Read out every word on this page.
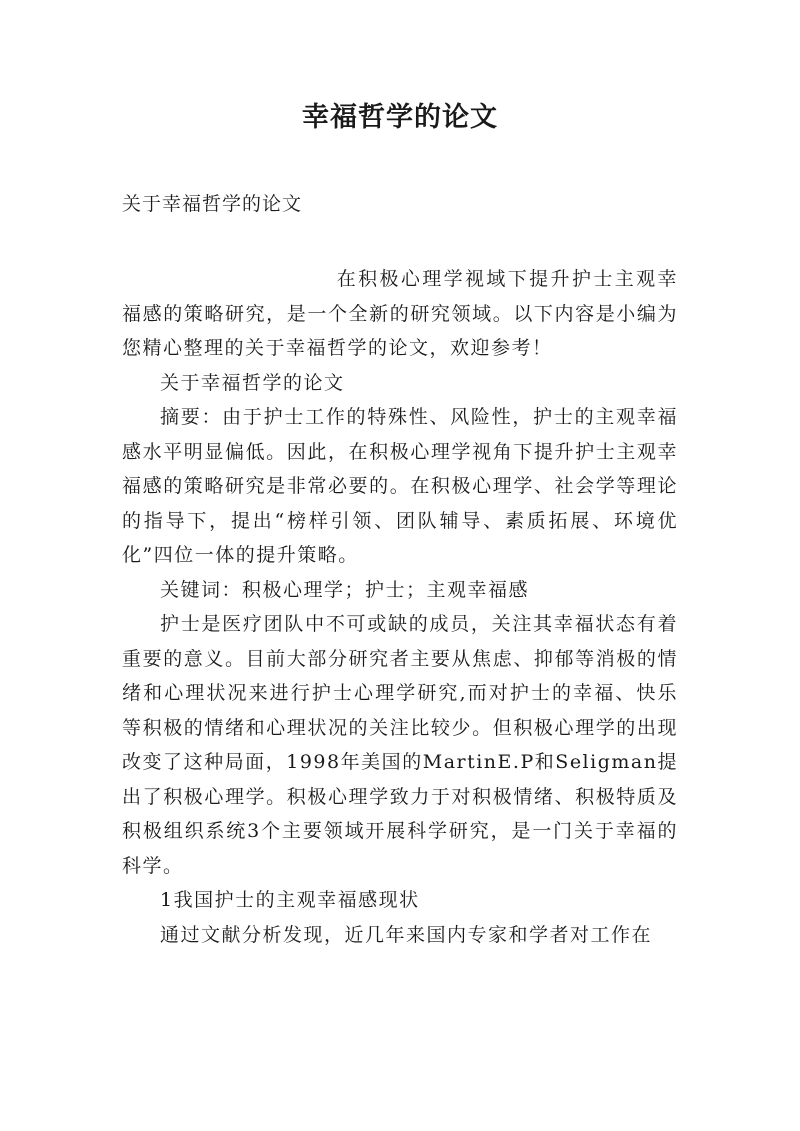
幸福哲学的论文

关于幸福哲学的论文

在积极心理学视域下提升护士主观幸福感的策略研究，是一个全新的研究领域。以下内容是小编为您精心整理的关于幸福哲学的论文，欢迎参考！

关于幸福哲学的论文

摘要：由于护士工作的特殊性、风险性，护士的主观幸福感水平明显偏低。因此，在积极心理学视角下提升护士主观幸福感的策略研究是非常必要的。在积极心理学、社会学等理论的指导下，提出“榜样引领、团队辅导、素质拓展、环境优化”四位一体的提升策略。

关键词：积极心理学；护士；主观幸福感

护士是医疗团队中不可或缺的成员，关注其幸福状态有着重要的意义。目前大部分研究者主要从焦虑、抑郁等消极的情绪和心理状况来进行护士心理学研究,而对护士的幸福、快乐等积极的情绪和心理状况的关注比较少。但积极心理学的出现改变了这种局面，1998年美国的MartinE.P和Seligman提出了积极心理学。积极心理学致力于对积极情绪、积极特质及积极组织系统3个主要领域开展科学研究，是一门关于幸福的科学。

1我国护士的主观幸福感现状

通过文献分析发现，近几年来国内专家和学者对工作在
